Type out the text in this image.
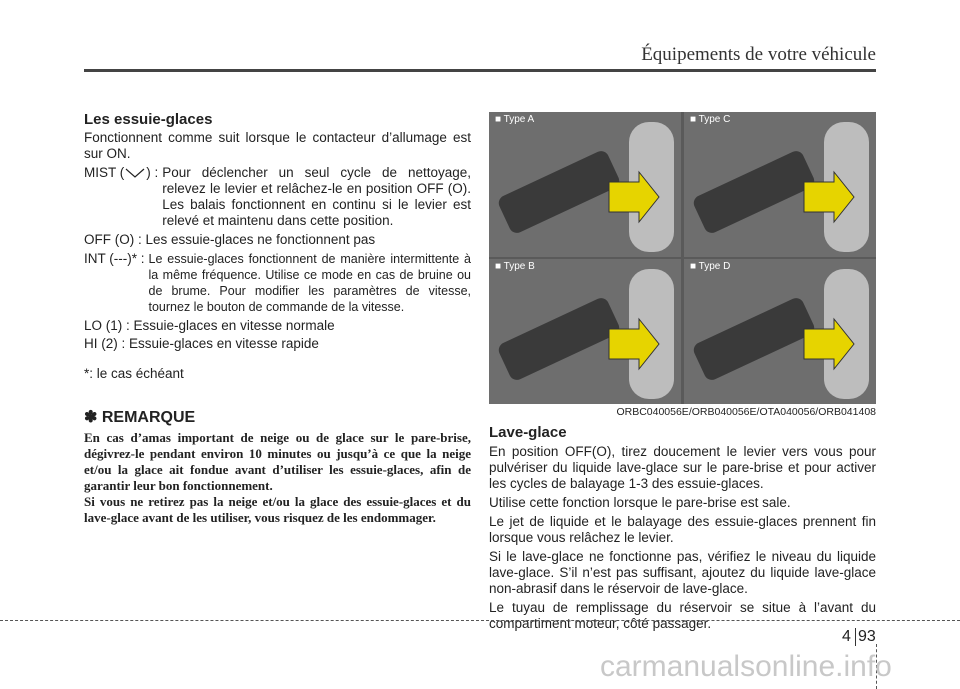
Équipements de votre véhicule
Les essuie-glaces

Fonctionnent comme suit lorsque le contacteur d’allumage est sur ON.

MIST ( ) : Pour déclencher un seul cycle de nettoyage, relevez le levier et relâchez-le en position OFF (O). Les balais fonctionnent en continu si le levier est relevé et maintenu dans cette position.

OFF (O) : Les essuie-glaces ne fonctionnent pas

INT (---)* : Le essuie-glaces fonctionnent de manière intermittente à la même fréquence. Utilise ce mode en cas de bruine ou de brume. Pour modifier les paramètres de vitesse, tournez le bouton de commande de la vitesse.

LO (1) : Essuie-glaces en vitesse normale

HI (2) : Essuie-glaces en vitesse rapide

*: le cas échéant

✽ REMARQUE

En cas d’amas important de neige ou de glace sur le pare-brise, dégivrez-le pendant environ 10 minutes ou jusqu’à ce que la neige et/ou la glace ait fondue avant d’utiliser les essuie-glaces, afin de garantir leur bon fonctionnement.

Si vous ne retirez pas la neige et/ou la glace des essuie-glaces et du lave-glace avant de les utiliser, vous risquez de les endommager.

■ Type A	■ Type C
■ Type B	■ Type D
ORBC040056E/ORB040056E/OTA040056/ORB041408
Lave-glace

En position OFF(O), tirez doucement le levier vers vous pour pulvériser du liquide lave-glace sur le pare-brise et pour activer les cycles de balayage 1-3 des essuie-glaces.

Utilise cette fonction lorsque le pare-brise est sale.

Le jet de liquide et le balayage des essuie-glaces prennent fin lorsque vous relâchez le levier.

Si le lave-glace ne fonctionne pas, vérifiez le niveau du liquide lave-glace. S’il n’est pas suffisant, ajoutez du liquide lave-glace non-abrasif dans le réservoir de lave-glace.

Le tuyau de remplissage du réservoir se situe à l’avant du compartiment moteur, côté passager.

4 93
carmanualsonline.info
